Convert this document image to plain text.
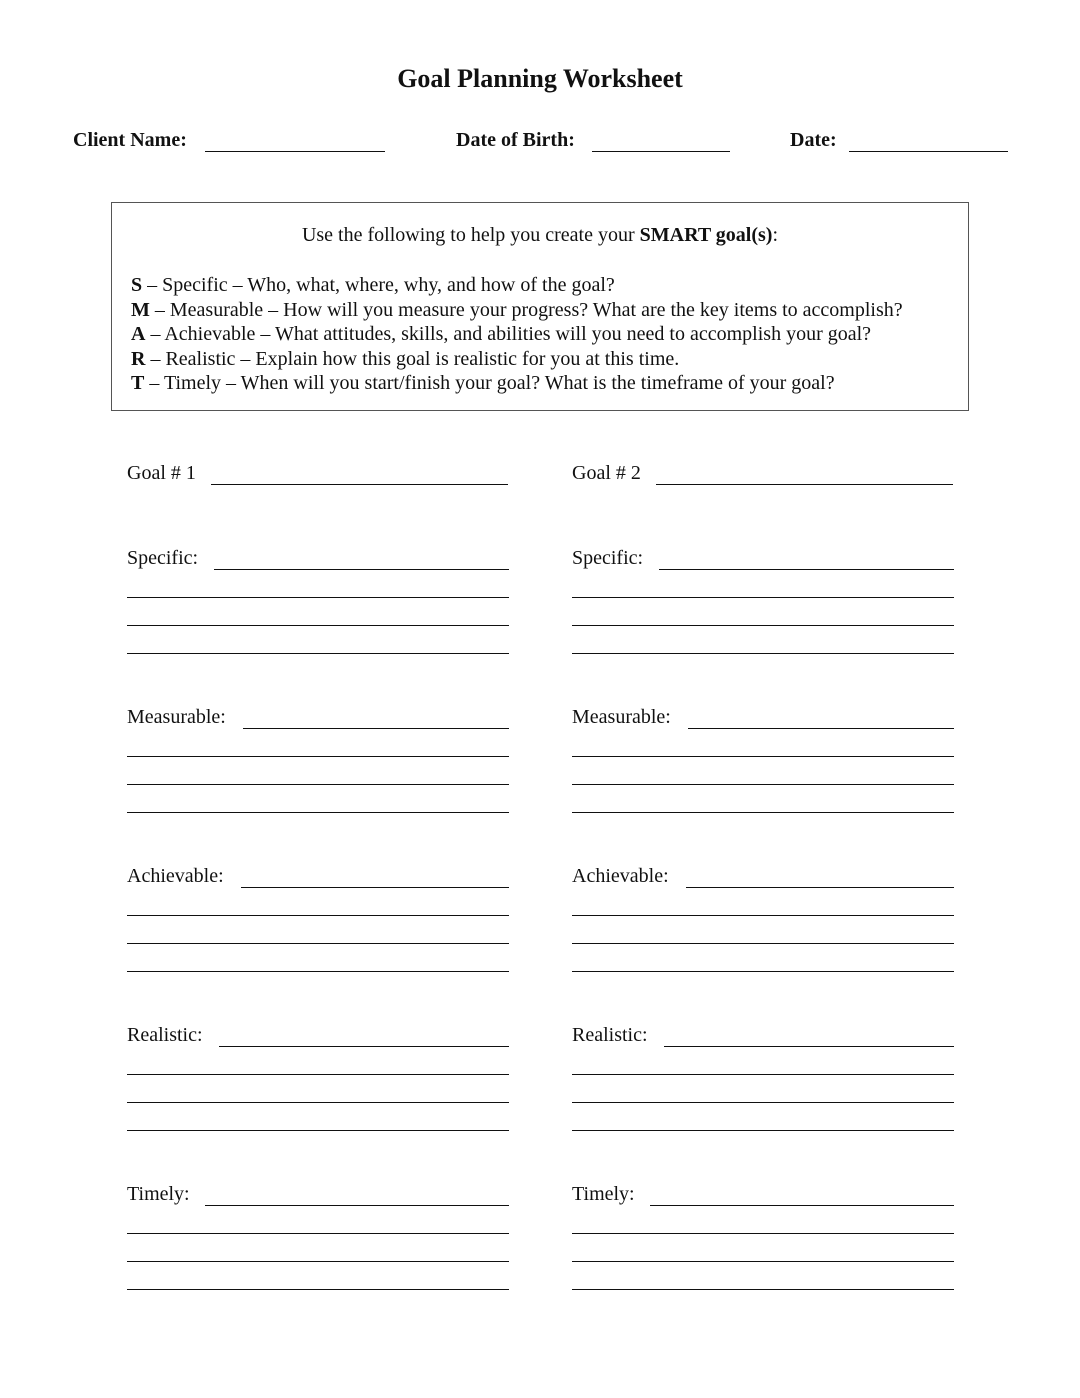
Goal Planning Worksheet
Client Name:	Date of Birth:	Date:
Use the following to help you create your SMART goal(s):
S – Specific – Who, what, where, why, and how of the goal?
M – Measurable – How will you measure your progress? What are the key items to accomplish?
A – Achievable – What attitudes, skills, and abilities will you need to accomplish your goal?
R – Realistic – Explain how this goal is realistic for you at this time.
T – Timely – When will you start/finish your goal? What is the timeframe of your goal?
Goal # 1
Specific:
Measurable:
Achievable:
Realistic:
Timely:
Goal # 2
Specific:
Measurable:
Achievable:
Realistic:
Timely:
